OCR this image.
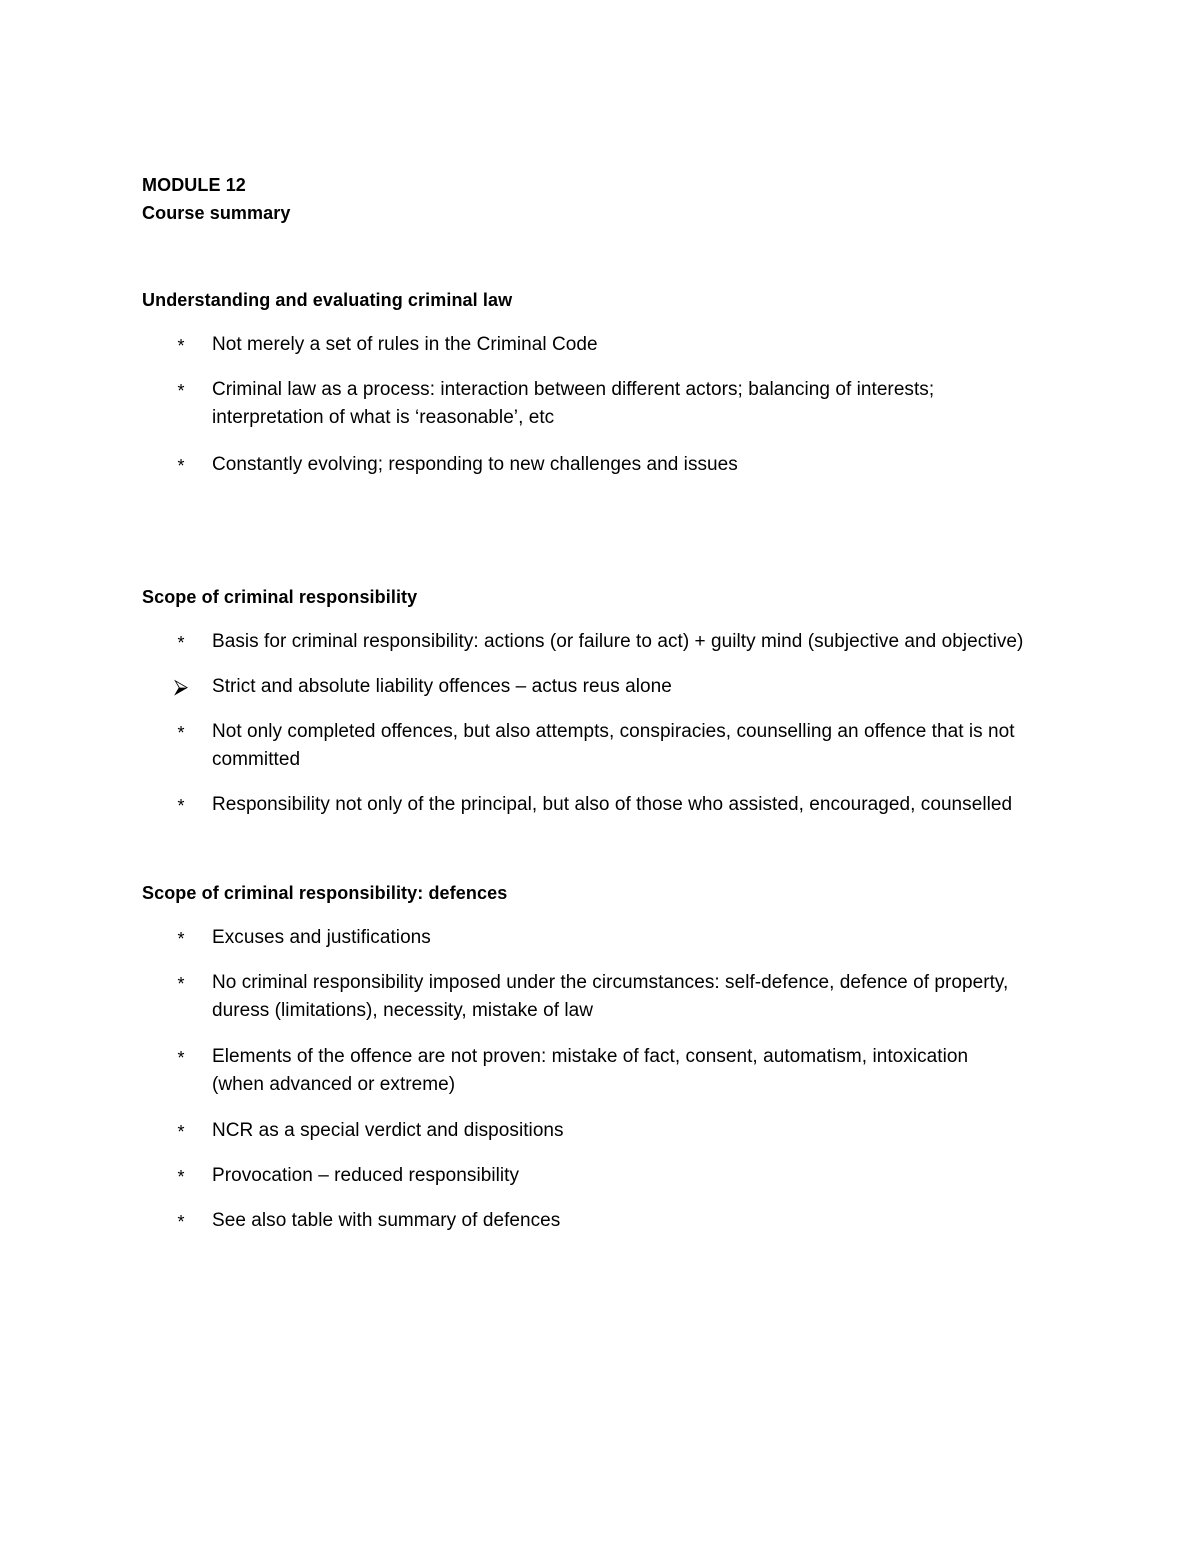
MODULE 12
Course summary
Understanding and evaluating criminal law
*	Not merely a set of rules in the Criminal Code
*	Criminal law as a process: interaction between different actors; balancing of interests;
interpretation of what is ‘reasonable’, etc
*	Constantly evolving; responding to new challenges and issues
Scope of criminal responsibility
*	Basis for criminal responsibility: actions (or failure to act) + guilty mind (subjective and objective)
⮚ Strict and absolute liability offences – actus reus alone
*	Not only completed offences, but also attempts, conspiracies, counselling an offence that is not
committed
*	Responsibility not only of the principal, but also of those who assisted, encouraged, counselled
Scope of criminal responsibility: defences
*	Excuses and justifications
*	No criminal responsibility imposed under the circumstances: self-defence, defence of property,
duress (limitations), necessity, mistake of law
*	Elements of the offence are not proven: mistake of fact, consent, automatism, intoxication
(when advanced or extreme)
*	NCR as a special verdict and dispositions
*	Provocation – reduced responsibility
*	See also table with summary of defences
